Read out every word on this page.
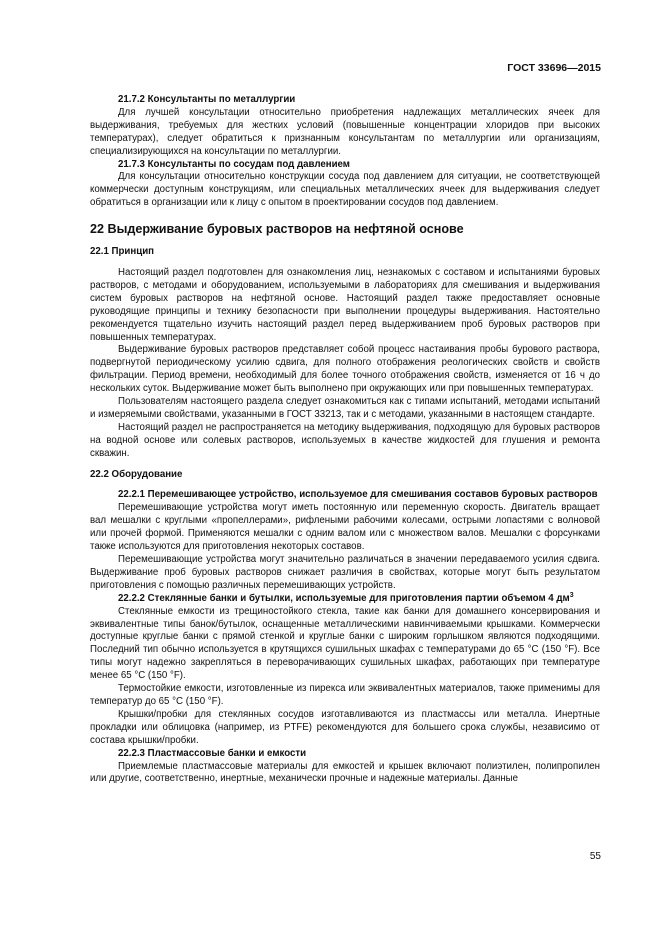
ГОСТ 33696—2015

21.7.2 Консультанты по металлургии

Для лучшей консультации относительно приобретения надлежащих металлических ячеек для выдерживания, требуемых для жестких условий (повышенные концентрации хлоридов при высоких температурах), следует обратиться к признанным консультантам по металлургии или организациям, специализирующихся на консультации по металлургии.

21.7.3 Консультанты по сосудам под давлением

Для консультации относительно конструкции сосуда под давлением для ситуации, не соответствующей коммерчески доступным конструкциям, или специальных металлических ячеек для выдерживания следует обратиться в организации или к лицу с опытом в проектировании сосудов под давлением.

22 Выдерживание буровых растворов на нефтяной основе

22.1 Принцип

Настоящий раздел подготовлен для ознакомления лиц, незнакомых с составом и испытаниями буровых растворов, с методами и оборудованием, используемыми в лабораториях для смешивания и выдерживания систем буровых растворов на нефтяной основе. Настоящий раздел также предоставляет основные руководящие принципы и технику безопасности при выполнении процедуры выдерживания. Настоятельно рекомендуется тщательно изучить настоящий раздел перед выдерживанием проб буровых растворов при повышенных температурах.

Выдерживание буровых растворов представляет собой процесс настаивания пробы бурового раствора, подвергнутой периодическому усилию сдвига, для полного отображения реологических свойств и свойств фильтрации. Период времени, необходимый для более точного отображения свойств, изменяется от 16 ч до нескольких суток. Выдерживание может быть выполнено при окружающих или при повышенных температурах.

Пользователям настоящего раздела следует ознакомиться как с типами испытаний, методами испытаний и измеряемыми свойствами, указанными в ГОСТ 33213, так и с методами, указанными в настоящем стандарте.

Настоящий раздел не распространяется на методику выдерживания, подходящую для буровых растворов на водной основе или солевых растворов, используемых в качестве жидкостей для глушения и ремонта скважин.

22.2 Оборудование

22.2.1 Перемешивающее устройство, используемое для смешивания составов буровых растворов

Перемешивающие устройства могут иметь постоянную или переменную скорость. Двигатель вращает вал мешалки с круглыми «пропеллерами», рифлеными рабочими колесами, острыми лопастями с волновой или прочей формой. Применяются мешалки с одним валом или с множеством валов. Мешалки с форсунками также используются для приготовления некоторых составов.

Перемешивающие устройства могут значительно различаться в значении передаваемого усилия сдвига. Выдерживание проб буровых растворов снижает различия в свойствах, которые могут быть результатом приготовления с помощью различных перемешивающих устройств.

22.2.2 Стеклянные банки и бутылки, используемые для приготовления партии объемом 4 $дм^3$

Стеклянные емкости из трещиностойкого стекла, такие как банки для домашнего консервирования и эквивалентные типы банок/бутылок, оснащенные металлическими навинчиваемыми крышками. Коммерчески доступные круглые банки с прямой стенкой и круглые банки с широким горлышком являются подходящими. Последний тип обычно используется в крутящихся сушильных шкафах с температурами до 65 °C (150 °F). Все типы могут надежно закрепляться в переворачивающих сушильных шкафах, работающих при температуре менее 65 °C (150 °F).

Термостойкие емкости, изготовленные из пирекса или эквивалентных материалов, также применимы для температур до 65 °C (150 °F).

Крышки/пробки для стеклянных сосудов изготавливаются из пластмассы или металла. Инертные прокладки или облицовка (например, из PTFE) рекомендуются для большего срока службы, независимо от состава крышки/пробки.

22.2.3 Пластмассовые банки и емкости

Приемлемые пластмассовые материалы для емкостей и крышек включают полиэтилен, полипропилен или другие, соответственно, инертные, механически прочные и надежные материалы. Данные

55
